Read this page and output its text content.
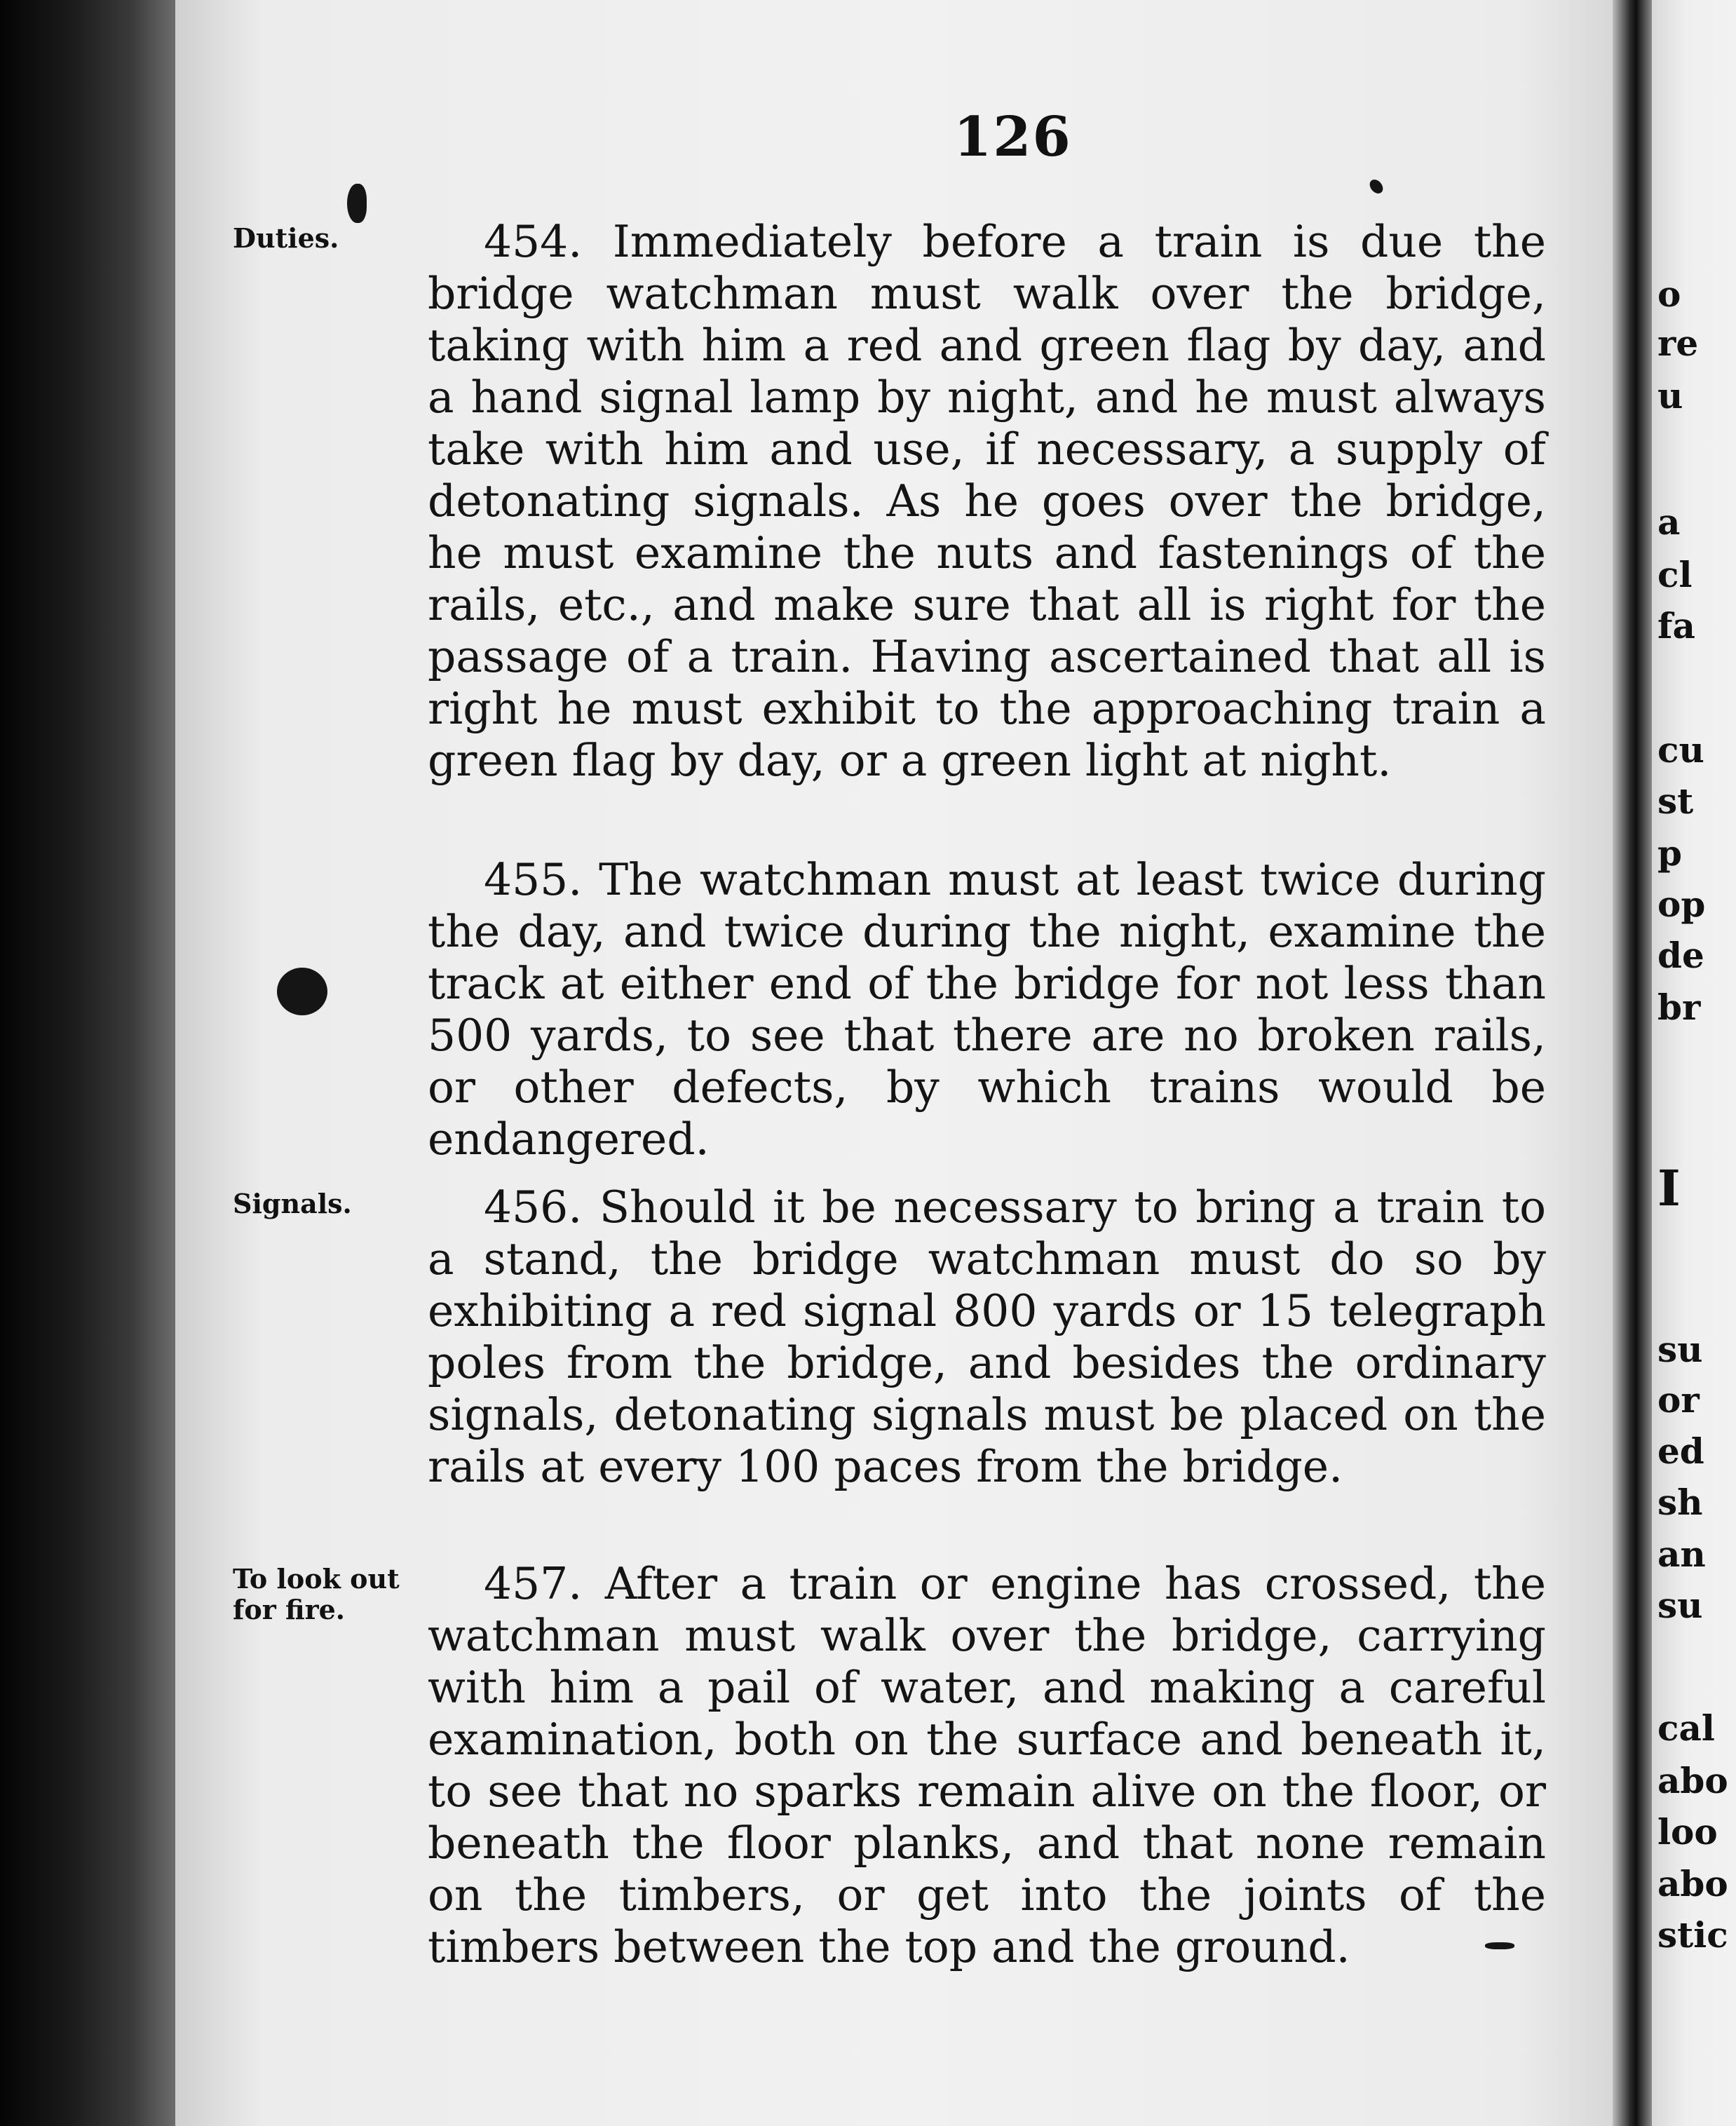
o
re
u
a
cl
fa
cu
st
p
op
de
br
I
su
or
ed
sh
an
su
cal
abo
loo
abo
stic
126
Duties.
Signals.
To look out for fire.
454. Immediately before a train is due the bridge watchman must walk over the bridge, taking with him a red and green flag by day, and a hand signal lamp by night, and he must always take with him and use, if necessary, a supply of detonating signals. As he goes over the bridge, he must examine the nuts and fastenings of the rails, etc., and make sure that all is right for the passage of a train. Having ascertained that all is right he must exhibit to the approaching train a green flag by day, or a green light at night.
455. The watchman must at least twice during the day, and twice during the night, examine the track at either end of the bridge for not less than 500 yards, to see that there are no broken rails, or other defects, by which trains would be endangered.
456. Should it be necessary to bring a train to a stand, the bridge watchman must do so by exhibiting a red signal 800 yards or 15 telegraph poles from the bridge, and besides the ordinary signals, detonating signals must be placed on the rails at every 100 paces from the bridge.
457. After a train or engine has crossed, the watchman must walk over the bridge, carrying with him a pail of water, and making a careful examination, both on the surface and beneath it, to see that no sparks remain alive on the floor, or beneath the floor planks, and that none remain on the timbers, or get into the joints of the timbers between the top and the ground.
